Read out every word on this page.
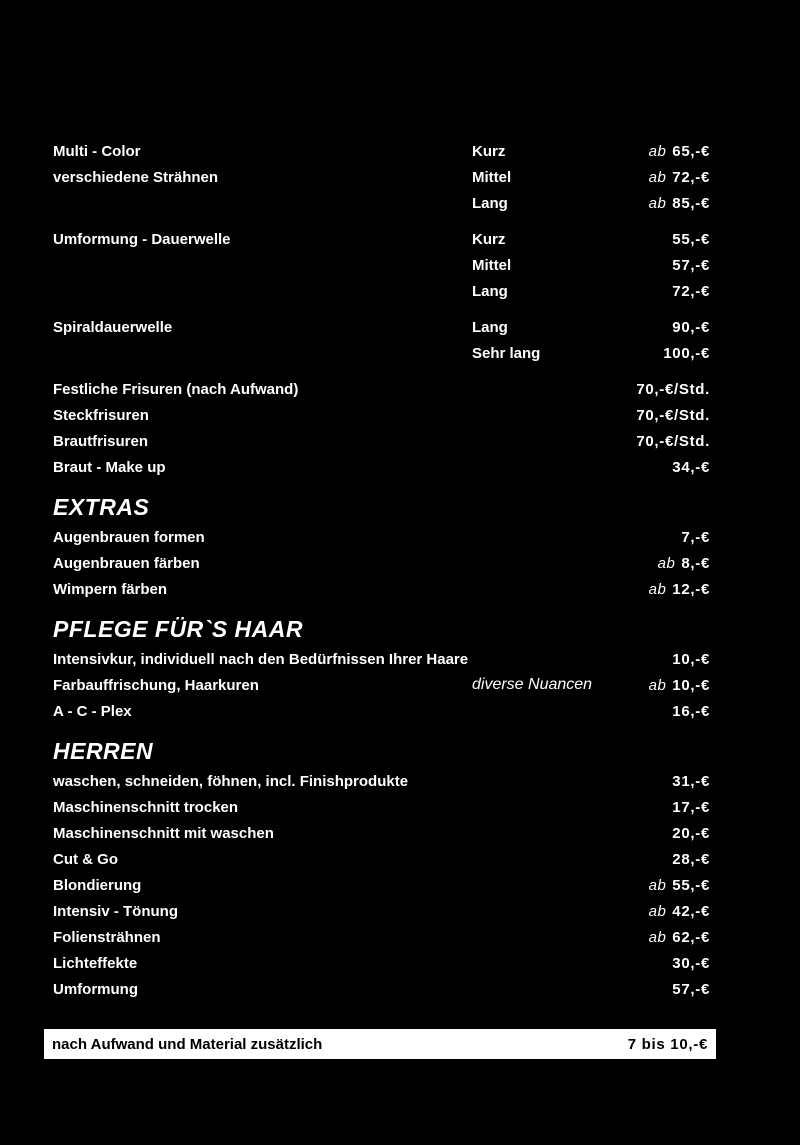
Multi - Color	Kurz	ab 65,-€
verschiedene Strähnen	Mittel	ab 72,-€
Lang	ab 85,-€
Umformung - Dauerwelle	Kurz	55,-€
Mittel	57,-€
Lang	72,-€
Spiraldauerwelle	Lang	90,-€
Sehr lang	100,-€
Festliche Frisuren (nach Aufwand)	70,-€/Std.
Steckfrisuren	70,-€/Std.
Brautfrisuren	70,-€/Std.
Braut - Make up	34,-€
EXTRAS
Augenbrauen formen	7,-€
Augenbrauen färben	ab 8,-€
Wimpern färben	ab 12,-€
PFLEGE FÜR`S HAAR
Intensivkur, individuell nach den Bedürfnissen Ihrer Haare	10,-€
Farbauffrischung, Haarkuren	diverse Nuancen	ab 10,-€
A - C - Plex	16,-€
HERREN
waschen, schneiden, föhnen, incl. Finishprodukte	31,-€
Maschinenschnitt trocken	17,-€
Maschinenschnitt mit waschen	20,-€
Cut & Go	28,-€
Blondierung	ab 55,-€
Intensiv - Tönung	ab 42,-€
Foliensträhnen	ab 62,-€
Lichteffekte	30,-€
Umformung	57,-€
nach Aufwand und Material zusätzlich	7 bis 10,-€
